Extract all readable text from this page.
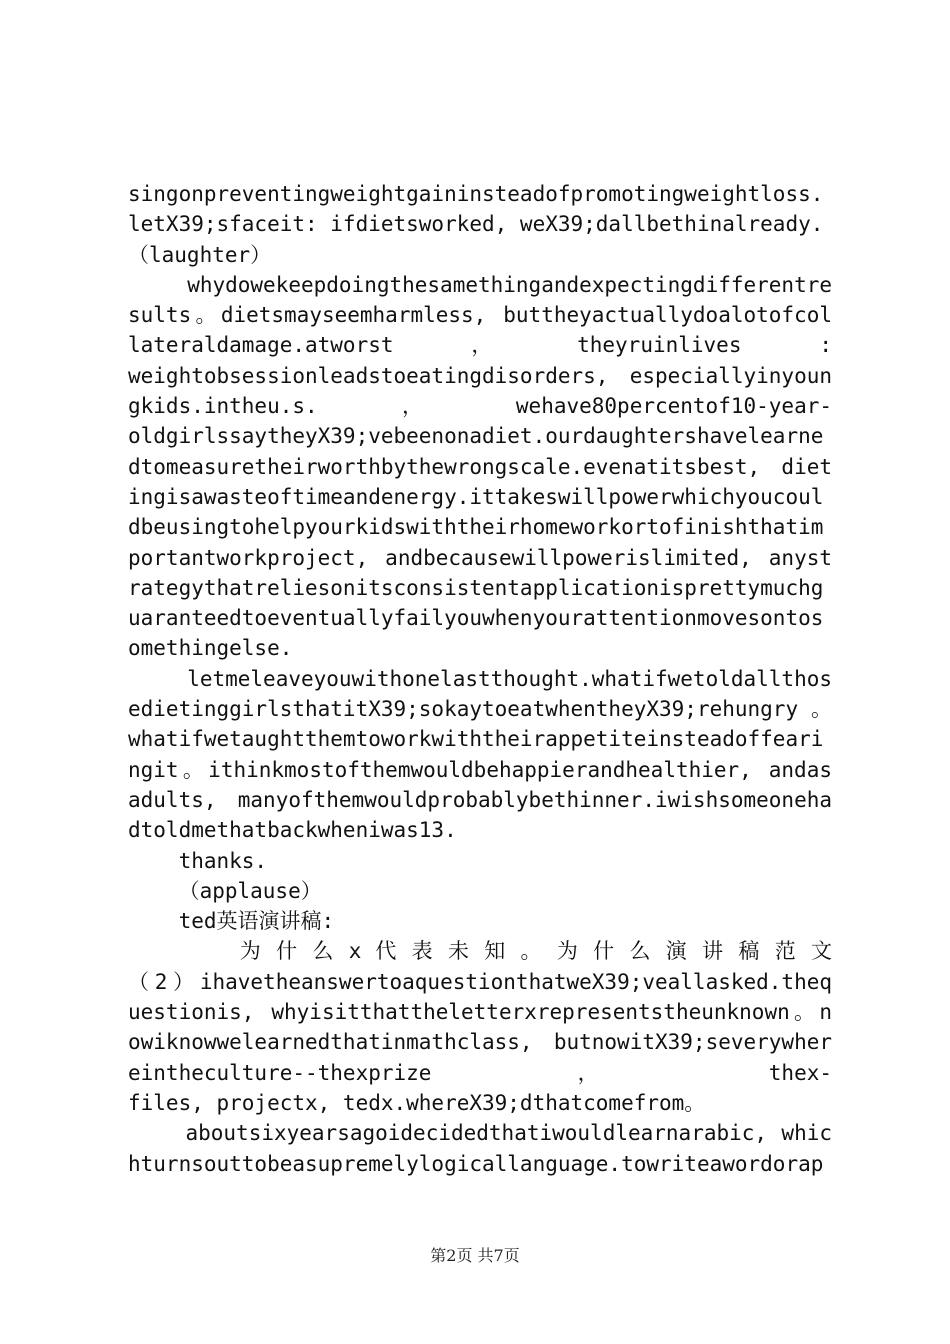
singonpreventingweightgaininsteadofpromotingweightloss.
letX39;sfaceit: ifdietsworked, weX39;dallbethinalready.
（laughter）
whydowekeepdoingthesamethingandexpectingdifferentre
sults。dietsmayseemharmless, buttheyactuallydoalotofcol
lateraldamage.atworst    ，    theyruinlives    :
weightobsessionleadstoeatingdisorders, especiallyinyoun
gkids.intheu.s.    ，    wehave80percentof10-year-
oldgirlssaytheyX39;vebeenonadiet.ourdaughtershavelearne
dtomeasuretheirworthbythewrongscale.evenatitsbest, diet
ingisawasteoftimeandenergy.ittakeswillpowerwhichyoucoul
dbeusingtohelpyourkidswiththeirhomeworkortofinishthatim
portantworkproject, andbecausewillpowerislimited, anyst
rategythatreliesonitsconsistentapplicationisprettymuchg
uaranteedtoeventuallyfailyouwhenyourattentionmovesontos
omethingelse.
letmeleaveyouwithonelastthought.whatifwetoldallthos
edietinggirlsthatitX39;sokaytoeatwhentheyX39;rehungry。
whatifwetaughtthemtoworkwiththeirappetiteinsteadoffeari
ngit。ithinkmostofthemwouldbehappierandhealthier, andas
adults, manyofthemwouldprobablybethinner.iwishsomeoneha
dtoldmethatbackwheniwas13.
thanks.
（applause）
ted英语演讲稿:
为 什 么 x 代 表 未 知 。 为 什 么 演 讲 稿 范 文
（2）ihavetheanswertoaquestionthatweX39;veallasked.theq
uestionis, whyisitthattheletterxrepresentstheunknown。n
owiknowwelearnedthatinmathclass, butnowitX39;severywher
eintheculture--thexprize    ，    thex-
files, projectx, tedx.whereX39;dthatcomefrom。
aboutsixyearsagoidecidedthatiwouldlearnarabic, whic
hturnsouttobeasupremelylogicallanguage.towriteawordorap
第2页 共7页
